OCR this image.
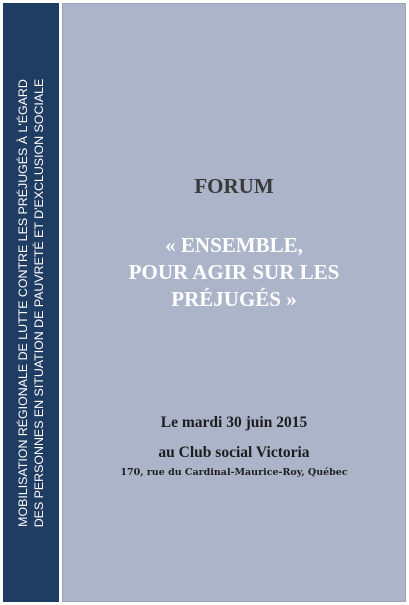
MOBILISATION RÉGIONALE DE LUTTE CONTRE LES PRÉJUGÉS À L'ÉGARD DES PERSONNES EN SITUATION DE PAUVRETÉ ET D'EXCLUSION SOCIALE	FORUM
« ENSEMBLE,
POUR AGIR SUR LES
PRÉJUGÉS »
Le mardi 30 juin 2015
au Club social Victoria
170, rue du Cardinal-Maurice-Roy, Québec
